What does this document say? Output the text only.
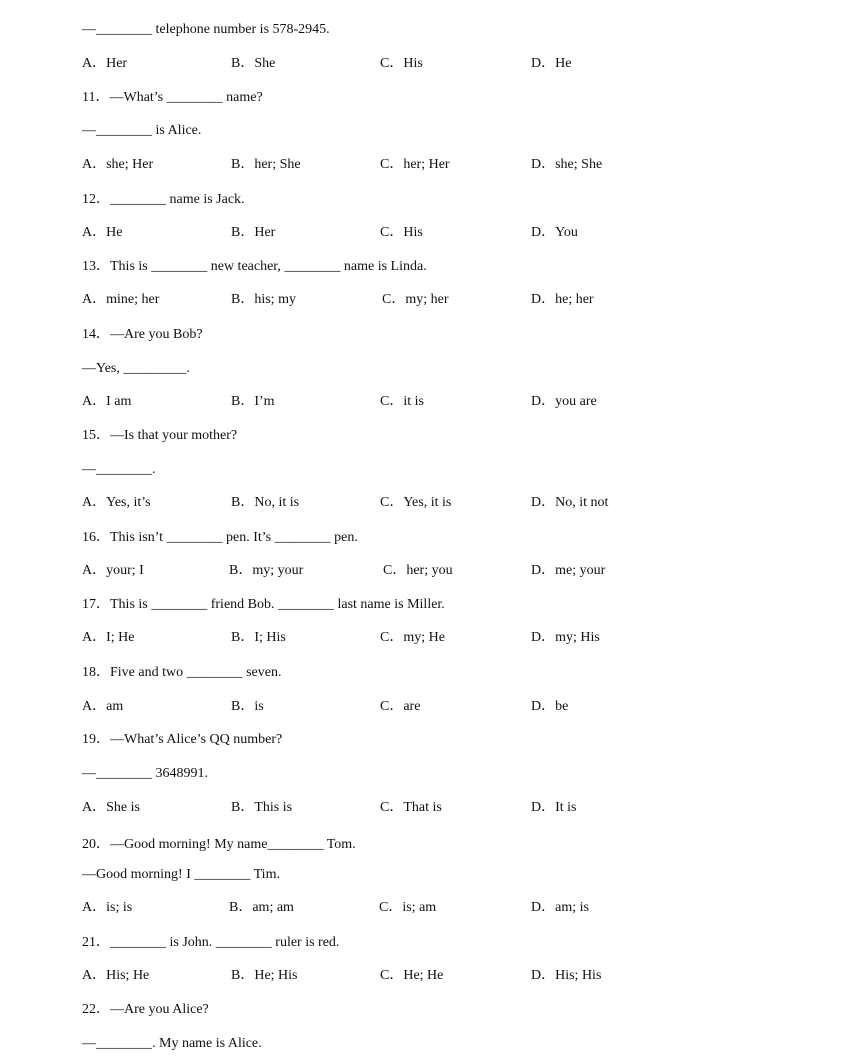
—________ telephone number is 578-2945.
A．Her	B．She	C．His	D．He
11．—What’s ________ name?
—________ is Alice.
A．she; Her	B．her; She	C．her; Her	D．she; She
12．________ name is Jack.
A．He	B．Her	C．His	D．You
13．This is ________ new teacher, ________ name is Linda.
A．mine; her	B．his; my	C．my; her	D．he; her
14．—Are you Bob?
—Yes, _________.
A．I am	B．I’m	C．it is	D．you are
15．—Is that your mother?
—________.
A．Yes, it’s	B．No, it is	C．Yes, it is	D．No, it not
16．This isn’t ________ pen. It’s ________ pen.
A．your; I	B．my; your	C．her; you	D．me; your
17．This is ________ friend Bob. ________ last name is Miller.
A．I; He	B．I; His	C．my; He	D．my; His
18．Five and two ________ seven.
A．am	B．is	C．are	D．be
19．—What’s Alice’s QQ number?
—________ 3648991.
A．She is	B．This is	C．That is	D．It is
20．—Good morning! My name________ Tom.
—Good morning! I ________ Tim.
A．is; is	B．am; am	C．is; am	D．am; is
21．________ is John. ________ ruler is red.
A．His; He	B．He; His	C．He; He	D．His; His
22．—Are you Alice?
—________. My name is Alice.
